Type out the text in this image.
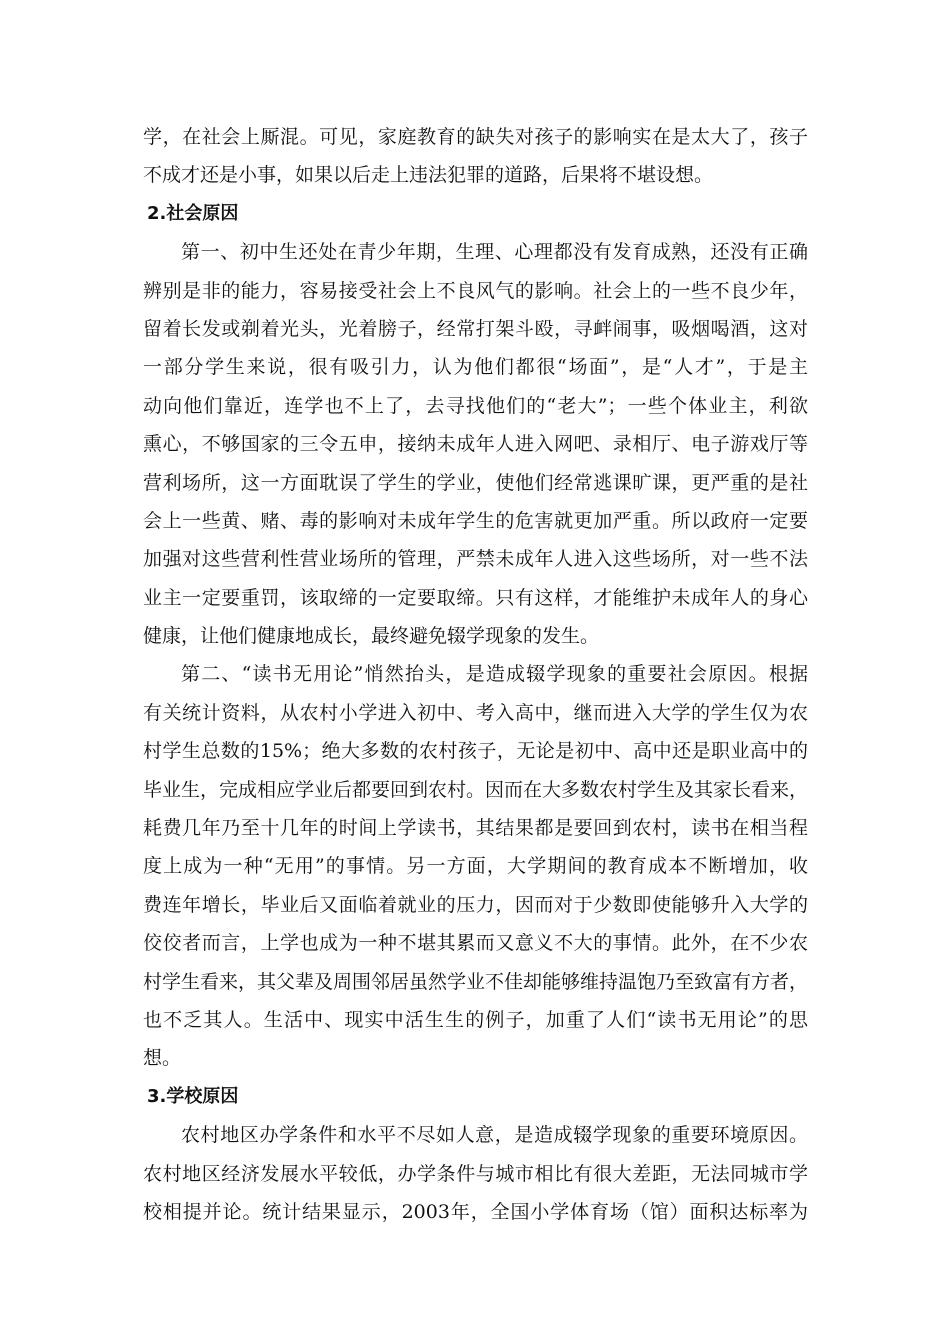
学，在社会上厮混。可见，家庭教育的缺失对孩子的影响实在是太大了，孩子
不成才还是小事，如果以后走上违法犯罪的道路，后果将不堪设想。
2.社会原因
第一、初中生还处在青少年期，生理、心理都没有发育成熟，还没有正确
辨别是非的能力，容易接受社会上不良风气的影响。社会上的一些不良少年，
留着长发或剃着光头，光着膀子，经常打架斗殴，寻衅闹事，吸烟喝酒，这对
一部分学生来说，很有吸引力，认为他们都很“场面”，是“人才”，于是主
动向他们靠近，连学也不上了，去寻找他们的“老大”；一些个体业主，利欲
熏心，不够国家的三令五申，接纳未成年人进入网吧、录相厅、电子游戏厅等
营利场所，这一方面耽误了学生的学业，使他们经常逃课旷课，更严重的是社
会上一些黄、赌、毒的影响对未成年学生的危害就更加严重。所以政府一定要
加强对这些营利性营业场所的管理，严禁未成年人进入这些场所，对一些不法
业主一定要重罚，该取缔的一定要取缔。只有这样，才能维护未成年人的身心
健康，让他们健康地成长，最终避免辍学现象的发生。
第二、“读书无用论”悄然抬头，是造成辍学现象的重要社会原因。根据
有关统计资料，从农村小学进入初中、考入高中，继而进入大学的学生仅为农
村学生总数的15%；绝大多数的农村孩子，无论是初中、高中还是职业高中的
毕业生，完成相应学业后都要回到农村。因而在大多数农村学生及其家长看来，
耗费几年乃至十几年的时间上学读书，其结果都是要回到农村，读书在相当程
度上成为一种“无用”的事情。另一方面，大学期间的教育成本不断增加，收
费连年增长，毕业后又面临着就业的压力，因而对于少数即使能够升入大学的
佼佼者而言，上学也成为一种不堪其累而又意义不大的事情。此外，在不少农
村学生看来，其父辈及周围邻居虽然学业不佳却能够维持温饱乃至致富有方者，
也不乏其人。生活中、现实中活生生的例子，加重了人们“读书无用论”的思
想。
3.学校原因
农村地区办学条件和水平不尽如人意，是造成辍学现象的重要环境原因。
农村地区经济发展水平较低，办学条件与城市相比有很大差距，无法同城市学
校相提并论。统计结果显示，2003年，全国小学体育场（馆）面积达标率为
